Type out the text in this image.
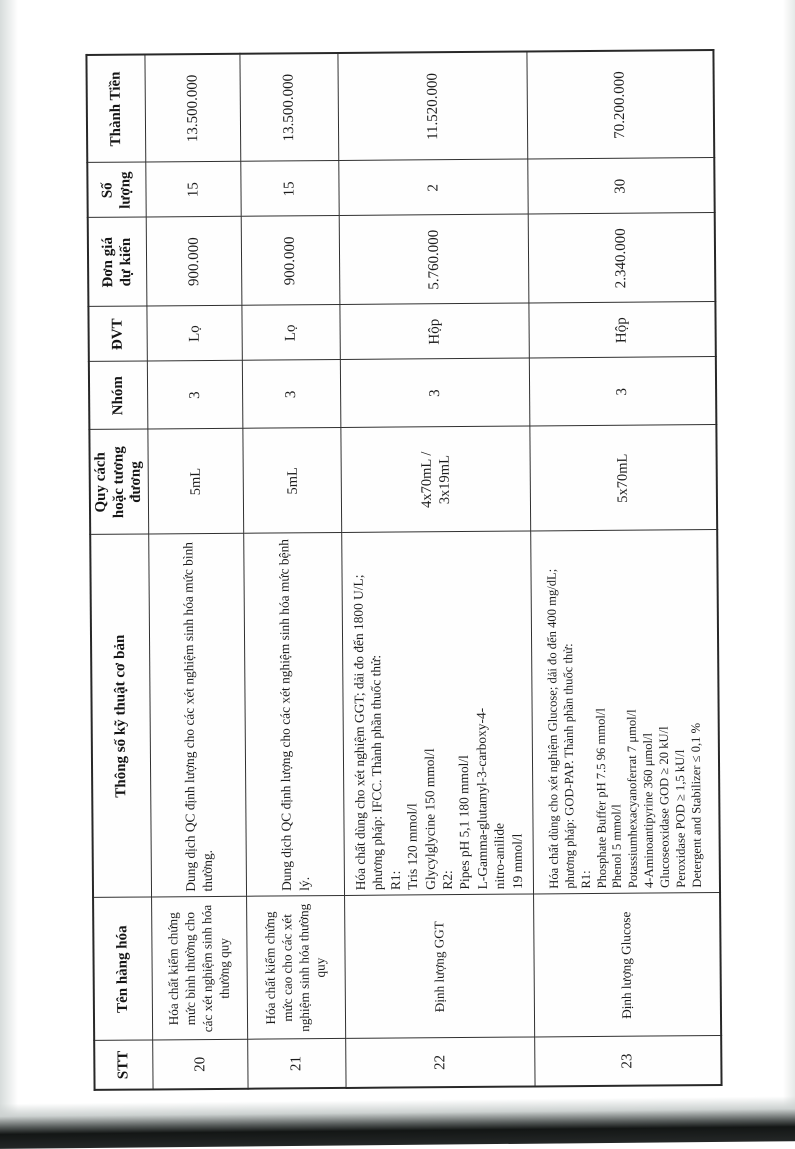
STT	Tên hàng hóa	Thông số kỹ thuật cơ bản	Quy cách
hoặc tương
đương	Nhóm	ĐVT	Đơn giá
dự kiến	Số
lượng	Thành Tiền
20	Hóa chất kiểm chứng mức bình thường cho các xét nghiệm sinh hóa thường quy	Dung dịch QC định lượng cho các xét nghiệm sinh hóa mức bình thường.	5mL	3	Lọ	900.000	15	13.500.000
21	Hóa chất kiểm chứng mức cao cho các xét nghiệm sinh hóa thường quy	Dung dịch QC định lượng cho các xét nghiệm sinh hóa mức bệnh lý.	5mL	3	Lọ	900.000	15	13.500.000
22	Định lượng GGT	Hóa chất dùng cho xét nghiệm GGT; dải đo đến 1800 U/L; phương pháp: IFCC. Thành phần thuốc thử:
R1:
Tris 120 mmol/l
Glycylglycine 150 mmol/l
R2:
Pipes pH 5,1 180 mmol/l
L-Gamma-glutamyl-3-carboxy-4-
nitro-anilide
19 mmol/l	4x70mL /
3x19mL	3	Hộp	5.760.000	2	11.520.000
23	Định lượng Glucose	Hóa chất dùng cho xét nghiệm Glucose; dải đo đến 400 mg/dL; phương pháp: GOD-PAP. Thành phần thuốc thử:
R1:
Phosphate Buffer pH 7.5 96 mmol/l
Phenol 5 mmol/l
Potassiumhexacyanoferrat 7 μmol/l
4-Aminoantipyrine 360 μmol/l
Glucoseoxidase GOD ≥ 20 kU/l
Peroxidase POD ≥ 1,5 kU/l
Detergent and Stabilizer ≤ 0,1 %	5x70mL	3	Hộp	2.340.000	30	70.200.000
